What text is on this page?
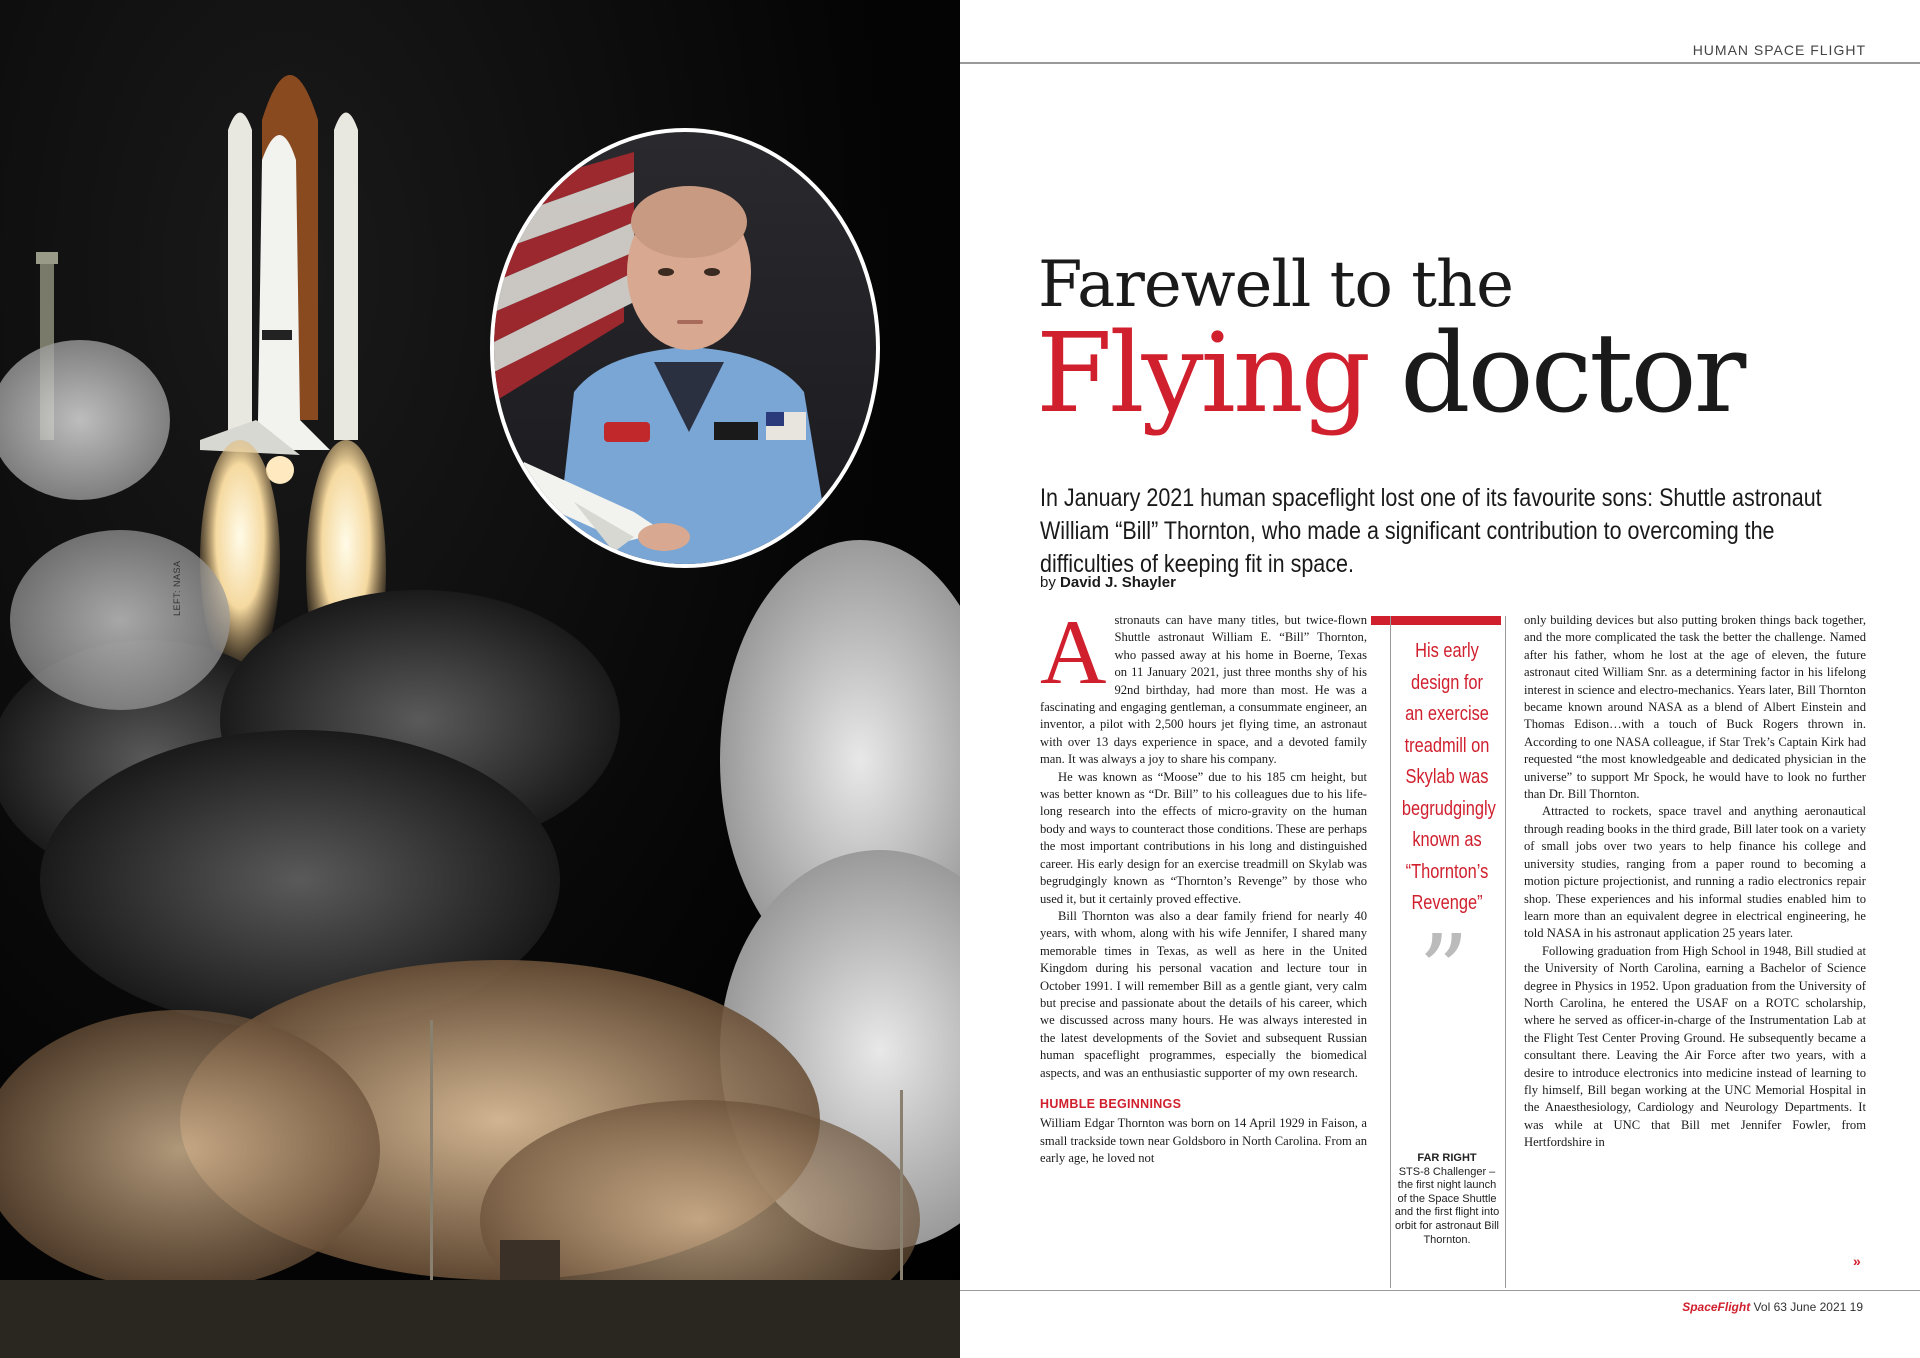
LEFT: NASA
HUMAN SPACE FLIGHT
Farewell to the
Flying doctor
In January 2021 human spaceflight lost one of its favourite sons: Shuttle astronaut William “Bill” Thornton, who made a significant contribution to overcoming the difficulties of keeping fit in space.
by David J. Shayler

Astronauts can have many titles, but twice-flown Shuttle astronaut William E. “Bill” Thornton, who passed away at his home in Boerne, Texas on 11 January 2021, just three months shy of his 92nd birthday, had more than most. He was a fascinating and engaging gentleman, a consummate engineer, an inventor, a pilot with 2,500 hours jet flying time, an astronaut with over 13 days experience in space, and a devoted family man. It was always a joy to share his company.

He was known as “Moose” due to his 185 cm height, but was better known as “Dr. Bill” to his colleagues due to his life-long research into the effects of micro-gravity on the human body and ways to counteract those conditions. These are perhaps the most important contributions in his long and distinguished career. His early design for an exercise treadmill on Skylab was begrudgingly known as “Thornton’s Revenge” by those who used it, but it certainly proved effective.

Bill Thornton was also a dear family friend for nearly 40 years, with whom, along with his wife Jennifer, I shared many memorable times in Texas, as well as here in the United Kingdom during his personal vacation and lecture tour in October 1991. I will remember Bill as a gentle giant, very calm but precise and passionate about the details of his career, which we discussed across many hours. He was always interested in the latest developments of the Soviet and subsequent Russian human spaceflight programmes, especially the biomedical aspects, and was an enthusiastic supporter of my own research.

HUMBLE BEGINNINGS

William Edgar Thornton was born on 14 April 1929 in Faison, a small trackside town near Goldsboro in North Carolina. From an early age, he loved not

His early design for an exercise treadmill on Skylab was begrudgingly known as “Thornton’s Revenge”
”
FAR RIGHT
STS-8 Challenger – the first night launch of the Space Shuttle and the first flight into orbit for astronaut Bill Thornton.

only building devices but also putting broken things back together, and the more complicated the task the better the challenge. Named after his father, whom he lost at the age of eleven, the future astronaut cited William Snr. as a determining factor in his lifelong interest in science and electro-mechanics. Years later, Bill Thornton became known around NASA as a blend of Albert Einstein and Thomas Edison…with a touch of Buck Rogers thrown in. According to one NASA colleague, if Star Trek’s Captain Kirk had requested “the most knowledgeable and dedicated physician in the universe” to support Mr Spock, he would have to look no further than Dr. Bill Thornton.

Attracted to rockets, space travel and anything aeronautical through reading books in the third grade, Bill later took on a variety of small jobs over two years to help finance his college and university studies, ranging from a paper round to becoming a motion picture projectionist, and running a radio electronics repair shop. These experiences and his informal studies enabled him to learn more than an equivalent degree in electrical engineering, he told NASA in his astronaut application 25 years later.

Following graduation from High School in 1948, Bill studied at the University of North Carolina, earning a Bachelor of Science degree in Physics in 1952. Upon graduation from the University of North Carolina, he entered the USAF on a ROTC scholarship, where he served as officer-in-charge of the Instrumentation Lab at the Flight Test Center Proving Ground. He subsequently became a consultant there. Leaving the Air Force after two years, with a desire to introduce electronics into medicine instead of learning to fly himself, Bill began working at the UNC Memorial Hospital in the Anaesthesiology, Cardiology and Neurology Departments. It was while at UNC that Bill met Jennifer Fowler, from Hertfordshire in

»
SpaceFlight Vol 63 June 2021 19
